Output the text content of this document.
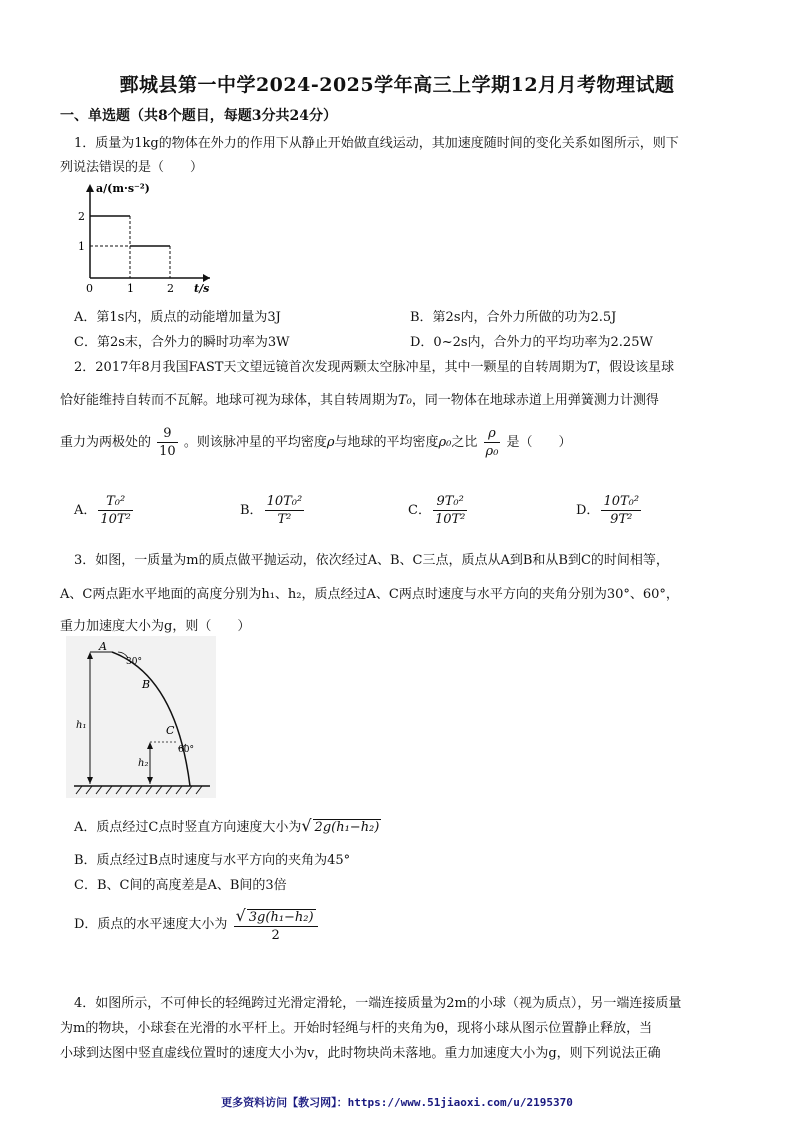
鄄城县第一中学2024-2025学年高三上学期12月月考物理试题
一、单选题（共8个题目，每题3分共24分）
1．质量为1kg的物体在外力的作用下从静止开始做直线运动，其加速度随时间的变化关系如图所示，则下
列说法错误的是（　　）
a/(m·s⁻²)
t/s
2
1
0	1	2
A．第1s内，质点的动能增加量为3J	B．第2s内，合外力所做的功为2.5J
C．第2s末，合外力的瞬时功率为3W	D．0~2s内，合外力的平均功率为2.25W
2．2017年8月我国FAST天文望远镜首次发现两颗太空脉冲星，其中一颗星的自转周期为T，假设该星球
恰好能维持自转而不瓦解。地球可视为球体，其自转周期为T₀，同一物体在地球赤道上用弹簧测力计测得
重力为两极处的 $\frac{9}{10}$ 。则该脉冲星的平均密度ρ与地球的平均密度ρ₀之比 $\frac{\rho}{\text{ρ₀}}$ 是（　　）
A． $\frac{\text{T₀²}}{\text{10T²}}$	B． $\frac{\text{10T₀²}}{\text{T²}}$	C． $\frac{\text{9T₀²}}{\text{10T²}}$	D． $\frac{\text{10T₀²}}{\text{9T²}}$
3．如图，一质量为m的质点做平抛运动，依次经过A、B、C三点，质点从A到B和从B到C的时间相等，
A、C两点距水平地面的高度分别为h₁、h₂，质点经过A、C两点时速度与水平方向的夹角分别为30°、60°，
重力加速度大小为g，则（　　）
A
B
C
30°
60°
h₁
h₂
A．质点经过C点时竖直方向速度大小为√ 2g(h₁−h₂)
B．质点经过B点时速度与水平方向的夹角为45°
C．B、C间的高度差是A、B间的3倍
D．质点的水平速度大小为 $\frac{\text{√ 3g(h₁−h₂)}}{2}$
4．如图所示，不可伸长的轻绳跨过光滑定滑轮，一端连接质量为2m的小球（视为质点），另一端连接质量
为m的物块，小球套在光滑的水平杆上。开始时轻绳与杆的夹角为θ，现将小球从图示位置静止释放，当
小球到达图中竖直虚线位置时的速度大小为v，此时物块尚未落地。重力加速度大小为g，则下列说法正确
更多资料访问【教习网】：https://www.51jiaoxi.com/u/2195370
